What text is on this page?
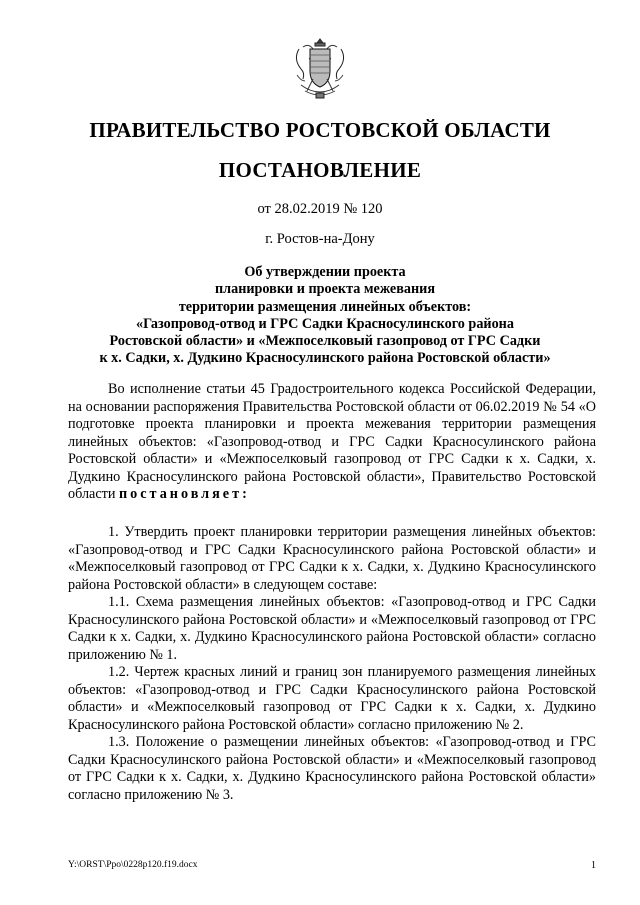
ПРАВИТЕЛЬСТВО РОСТОВСКОЙ ОБЛАСТИ
ПОСТАНОВЛЕНИЕ
от 28.02.2019 № 120
г. Ростов-на-Дону
Об утверждении проекта
планировки и проекта межевания
территории размещения линейных объектов:
«Газопровод-отвод и ГРС Садки Красносулинского района
Ростовской области» и «Межпоселковый газопровод от ГРС Садки
к х. Садки, х. Дудкино Красносулинского района Ростовской области»

Во исполнение статьи 45 Градостроительного кодекса Российской Федерации, на основании распоряжения Правительства Ростовской области от 06.02.2019 № 54 «О подготовке проекта планировки и проекта межевания территории размещения линейных объектов: «Газопровод-отвод и ГРС Садки Красносулинского района Ростовской области» и «Межпоселковый газопровод от ГРС Садки к х. Садки, х. Дудкино Красносулинского района Ростовской области», Правительство Ростовской области постановляет:

1. Утвердить проект планировки территории размещения линейных объектов: «Газопровод-отвод и ГРС Садки Красносулинского района Ростовской области» и «Межпоселковый газопровод от ГРС Садки к х. Садки, х. Дудкино Красносулинского района Ростовской области» в следующем составе:

1.1. Схема размещения линейных объектов: «Газопровод-отвод и ГРС Садки Красносулинского района Ростовской области» и «Межпоселковый газопровод от ГРС Садки к х. Садки, х. Дудкино Красносулинского района Ростовской области» согласно приложению № 1.

1.2. Чертеж красных линий и границ зон планируемого размещения линейных объектов: «Газопровод-отвод и ГРС Садки Красносулинского района Ростовской области» и «Межпоселковый газопровод от ГРС Садки к х. Садки, х. Дудкино Красносулинского района Ростовской области» согласно приложению № 2.

1.3. Положение о размещении линейных объектов: «Газопровод-отвод и ГРС Садки Красносулинского района Ростовской области» и «Межпоселковый газопровод от ГРС Садки к х. Садки, х. Дудкино Красносулинского района Ростовской области» согласно приложению № 3.

Y:\ORST\Ppo\0228p120.f19.docx	1
